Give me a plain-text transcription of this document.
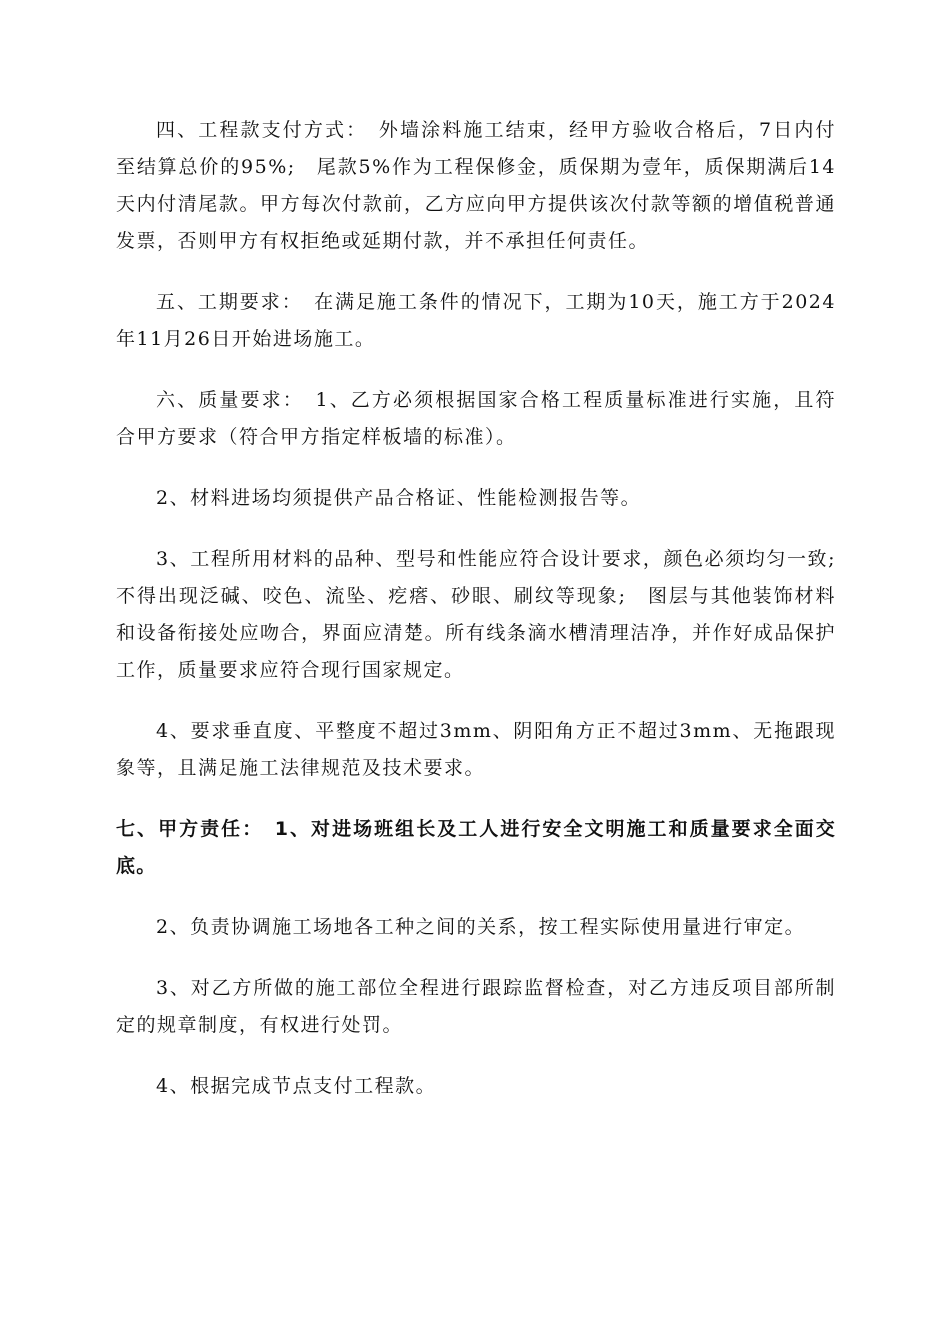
四、工程款支付方式：　外墙涂料施工结束，经甲方验收合格后，7日内付至结算总价的95%;　尾款5%作为工程保修金，质保期为壹年，质保期满后14天内付清尾款。甲方每次付款前，乙方应向甲方提供该次付款等额的增值税普通发票，否则甲方有权拒绝或延期付款，并不承担任何责任。

五、工期要求：　在满足施工条件的情况下，工期为10天，施工方于2024年11月26日开始进场施工。

六、质量要求：　1、乙方必须根据国家合格工程质量标准进行实施，且符合甲方要求（符合甲方指定样板墙的标准）。

2、材料进场均须提供产品合格证、性能检测报告等。

3、工程所用材料的品种、型号和性能应符合设计要求，颜色必须均匀一致;　不得出现泛碱、咬色、流坠、疙瘩、砂眼、刷纹等现象;　图层与其他装饰材料和设备衔接处应吻合，界面应清楚。所有线条滴水槽清理洁净，并作好成品保护工作，质量要求应符合现行国家规定。

4、要求垂直度、平整度不超过3mm、阴阳角方正不超过3mm、无拖跟现象等，且满足施工法律规范及技术要求。

七、甲方责任：　1、对进场班组长及工人进行安全文明施工和质量要求全面交底。

2、负责协调施工场地各工种之间的关系，按工程实际使用量进行审定。

3、对乙方所做的施工部位全程进行跟踪监督检查，对乙方违反项目部所制定的规章制度，有权进行处罚。

4、根据完成节点支付工程款。
